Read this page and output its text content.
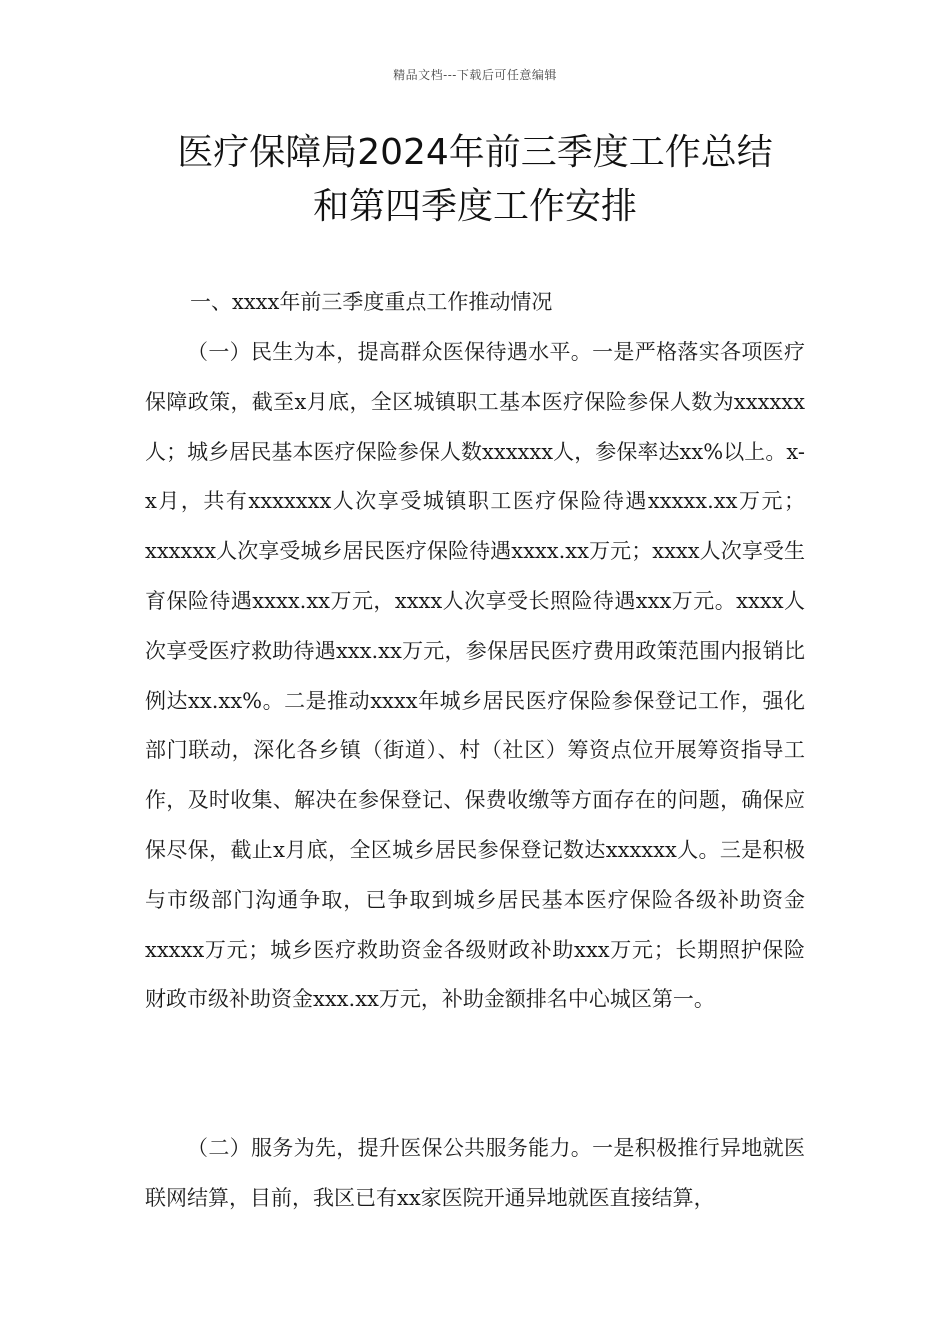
精品文档---下载后可任意编辑
医疗保障局2024年前三季度工作总结
和第四季度工作安排
一、xxxx年前三季度重点工作推动情况

（一）民生为本，提高群众医保待遇水平。一是严格落实各项医疗保障政策，截至x月底，全区城镇职工基本医疗保险参保人数为xxxxxx人；城乡居民基本医疗保险参保人数xxxxxx人，参保率达xx%以上。x-x月，共有xxxxxxx人次享受城镇职工医疗保险待遇xxxxx.xx万元；xxxxxx人次享受城乡居民医疗保险待遇xxxx.xx万元；xxxx人次享受生育保险待遇xxxx.xx万元，xxxx人次享受长照险待遇xxx万元。xxxx人次享受医疗救助待遇xxx.xx万元，参保居民医疗费用政策范围内报销比例达xx.xx%。二是推动xxxx年城乡居民医疗保险参保登记工作，强化部门联动，深化各乡镇（街道）、村（社区）筹资点位开展筹资指导工作，及时收集、解决在参保登记、保费收缴等方面存在的问题，确保应保尽保，截止x月底，全区城乡居民参保登记数达xxxxxx人。三是积极与市级部门沟通争取，已争取到城乡居民基本医疗保险各级补助资金xxxxx万元；城乡医疗救助资金各级财政补助xxx万元；长期照护保险财政市级补助资金xxx.xx万元，补助金额排名中心城区第一。

（二）服务为先，提升医保公共服务能力。一是积极推行异地就医联网结算，目前，我区已有xx家医院开通异地就医直接结算，
